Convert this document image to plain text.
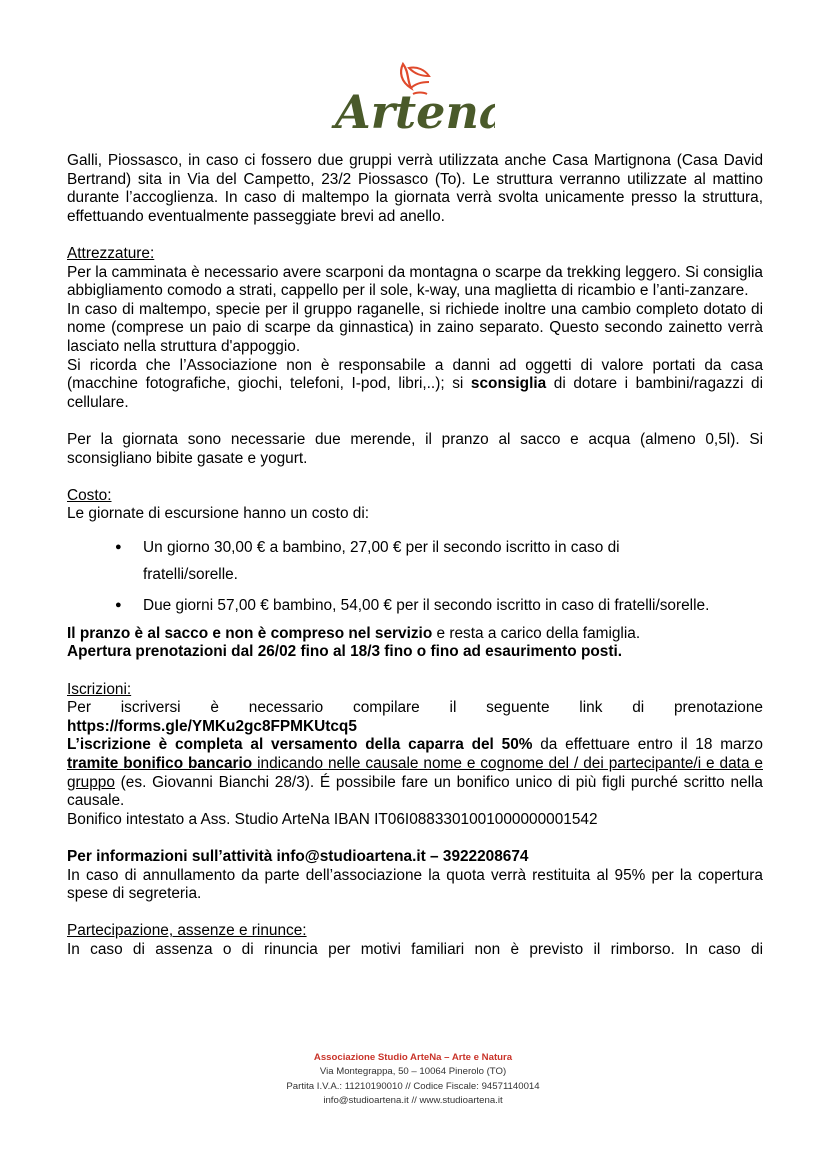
Artena

Galli, Piossasco, in caso ci fossero due gruppi verrà utilizzata anche Casa Martignona (Casa David Bertrand) sita in Via del Campetto, 23/2 Piossasco (To). Le struttura verranno utilizzate al mattino durante l’accoglienza. In caso di maltempo la giornata verrà svolta unicamente presso la struttura, effettuando eventualmente passeggiate brevi ad anello.

Attrezzature:

Per la camminata è necessario avere scarponi da montagna o scarpe da trekking leggero. Si consiglia abbigliamento comodo a strati, cappello per il sole, k-way, una maglietta di ricambio e l’anti-zanzare.

In caso di maltempo, specie per il gruppo raganelle, si richiede inoltre una cambio completo dotato di nome (comprese un paio di scarpe da ginnastica) in zaino separato. Questo secondo zainetto verrà lasciato nella struttura d'appoggio.

Si ricorda che l’Associazione non è responsabile a danni ad oggetti di valore portati da casa (macchine fotografiche, giochi, telefoni, I-pod, libri,..); si sconsiglia di dotare i bambini/ragazzi di cellulare.

Per la giornata sono necessarie due merende, il pranzo al sacco e acqua (almeno 0,5l). Si sconsigliano bibite gasate e yogurt.

Costo:

Le giornate di escursione hanno un costo di:

● Un giorno 30,00 € a bambino, 27,00 € per il secondo iscritto in caso di fratelli/sorelle.
● Due giorni 57,00 € bambino, 54,00 € per il secondo iscritto in caso di fratelli/sorelle.

Il pranzo è al sacco e non è compreso nel servizio e resta a carico della famiglia.

Apertura prenotazioni dal 26/02 fino al 18/3 fino o fino ad esaurimento posti.

Iscrizioni:

Per iscriversi è necessario compilare il seguente link di prenotazione

https://forms.gle/YMKu2gc8FPMKUtcq5

L’iscrizione è completa al versamento della caparra del 50% da effettuare entro il 18 marzo tramite bonifico bancario indicando nelle causale nome e cognome del / dei partecipante/i e data e gruppo (es. Giovanni Bianchi 28/3). É possibile fare un bonifico unico di più figli purché scritto nella causale.

Bonifico intestato a Ass. Studio ArteNa IBAN IT06I0883301001000000001542

Per informazioni sull’attività info@studioartena.it – 3922208674

In caso di annullamento da parte dell’associazione la quota verrà restituita al 95% per la copertura spese di segreteria.

Partecipazione, assenze e rinunce:

In caso di assenza o di rinuncia per motivi familiari non è previsto il rimborso. In caso di

Associazione Studio ArteNa – Arte e Natura
Via Montegrappa, 50 – 10064 Pinerolo (TO)
Partita I.V.A.: 11210190010 // Codice Fiscale: 94571140014
info@studioartena.it // www.studioartena.it
